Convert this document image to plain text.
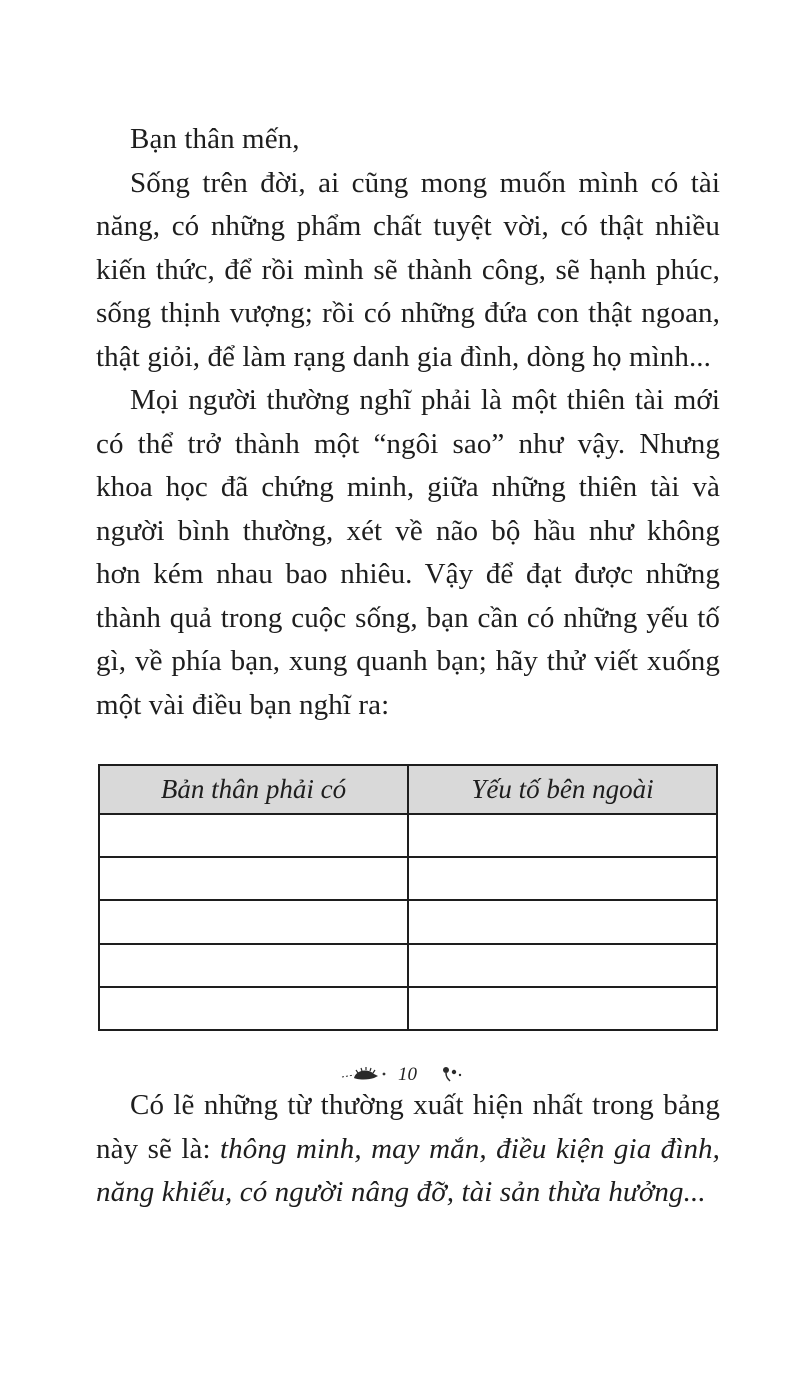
Bạn thân mến,

Sống trên đời, ai cũng mong muốn mình có tài năng, có những phẩm chất tuyệt vời, có thật nhiều kiến thức, để rồi mình sẽ thành công, sẽ hạnh phúc, sống thịnh vượng; rồi có những đứa con thật ngoan, thật giỏi, để làm rạng danh gia đình, dòng họ mình...

Mọi người thường nghĩ phải là một thiên tài mới có thể trở thành một “ngôi sao” như vậy. Nhưng khoa học đã chứng minh, giữa những thiên tài và người bình thường, xét về não bộ hầu như không hơn kém nhau bao nhiêu. Vậy để đạt được những thành quả trong cuộc sống, bạn cần có những yếu tố gì, về phía bạn, xung quanh bạn; hãy thử viết xuống một vài điều bạn nghĩ ra:

Bản thân phải có	Yếu tố bên ngoài

Có lẽ những từ thường xuất hiện nhất trong bảng này sẽ là: thông minh, may mắn, điều kiện gia đình, năng khiếu, có người nâng đỡ, tài sản thừa hưởng...

10
